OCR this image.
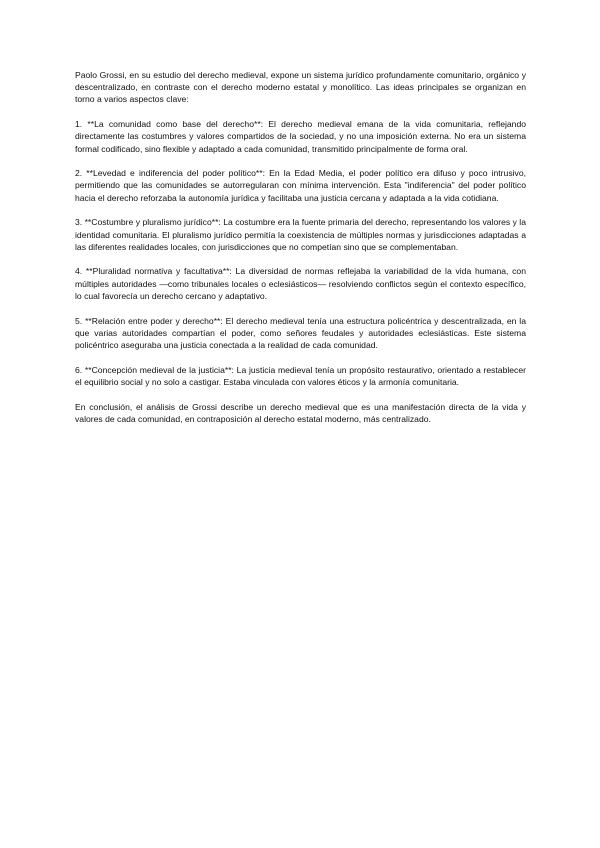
Paolo Grossi, en su estudio del derecho medieval, expone un sistema jurídico profundamente comunitario, orgánico y descentralizado, en contraste con el derecho moderno estatal y monolítico. Las ideas principales se organizan en torno a varios aspectos clave:

1. **La comunidad como base del derecho**: El derecho medieval emana de la vida comunitaria, reflejando directamente las costumbres y valores compartidos de la sociedad, y no una imposición externa. No era un sistema formal codificado, sino flexible y adaptado a cada comunidad, transmitido principalmente de forma oral.

2. **Levedad e indiferencia del poder político**: En la Edad Media, el poder político era difuso y poco intrusivo, permitiendo que las comunidades se autorregularan con mínima intervención. Esta "indiferencia" del poder político hacia el derecho reforzaba la autonomía jurídica y facilitaba una justicia cercana y adaptada a la vida cotidiana.

3. **Costumbre y pluralismo jurídico**: La costumbre era la fuente primaria del derecho, representando los valores y la identidad comunitaria. El pluralismo jurídico permitía la coexistencia de múltiples normas y jurisdicciones adaptadas a las diferentes realidades locales, con jurisdicciones que no competían sino que se complementaban.

4. **Pluralidad normativa y facultativa**: La diversidad de normas reflejaba la variabilidad de la vida humana, con múltiples autoridades —como tribunales locales o eclesiásticos— resolviendo conflictos según el contexto específico, lo cual favorecía un derecho cercano y adaptativo.

5. **Relación entre poder y derecho**: El derecho medieval tenía una estructura policéntrica y descentralizada, en la que varias autoridades compartían el poder, como señores feudales y autoridades eclesiásticas. Este sistema policéntrico aseguraba una justicia conectada a la realidad de cada comunidad.

6. **Concepción medieval de la justicia**: La justicia medieval tenía un propósito restaurativo, orientado a restablecer el equilibrio social y no solo a castigar. Estaba vinculada con valores éticos y la armonía comunitaria.

En conclusión, el análisis de Grossi describe un derecho medieval que es una manifestación directa de la vida y valores de cada comunidad, en contraposición al derecho estatal moderno, más centralizado.
